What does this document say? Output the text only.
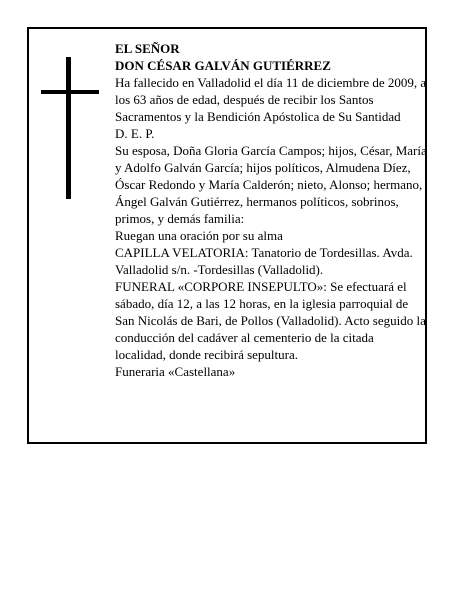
EL SEÑOR

DON CÉSAR GALVÁN GUTIÉRREZ

Ha fallecido en Valladolid el día 11 de diciembre de 2009, a los 63 años de edad, después de recibir los Santos Sacramentos y la Bendición Apóstolica de Su Santidad

D. E. P.

Su esposa, Doña Gloria García Campos; hijos, César, María y Adolfo Galván García; hijos políticos, Almudena Díez, Óscar Redondo y María Calderón; nieto, Alonso; hermano, Ángel Galván Gutiérrez, hermanos políticos, sobrinos, primos, y demás familia:

Ruegan una oración por su alma

CAPILLA VELATORIA: Tanatorio de Tordesillas. Avda. Valladolid s/n. -Tordesillas (Valladolid).

FUNERAL «CORPORE INSEPULTO»: Se efectuará el sábado, día 12, a las 12 horas, en la iglesia parroquial de San Nicolás de Bari, de Pollos (Valladolid). Acto seguido la conducción del cadáver al cementerio de la citada localidad, donde recibirá sepultura.

Funeraria «Castellana»
